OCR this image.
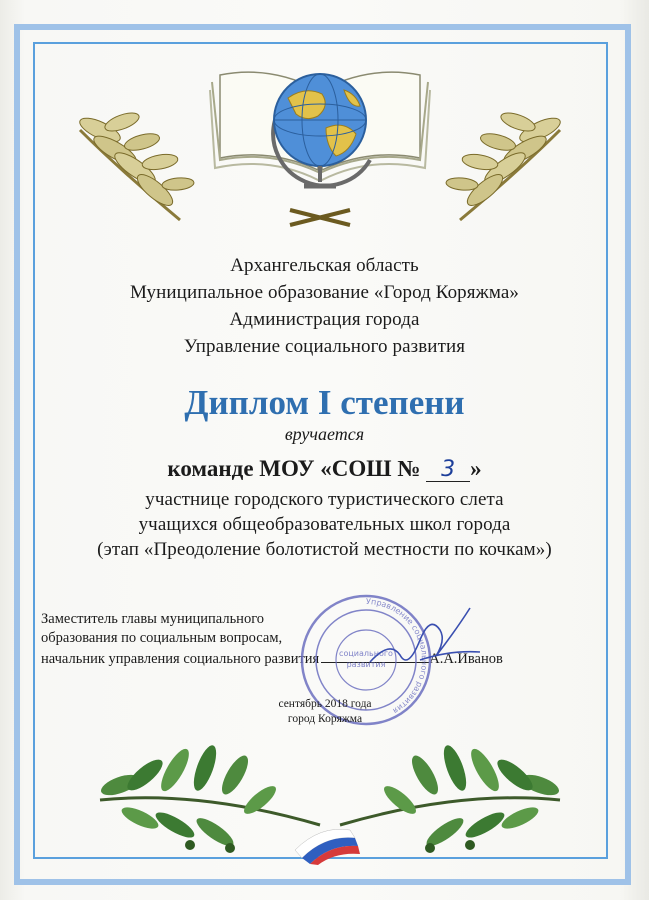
Архангельская область
Муниципальное образование «Город Коряжма»
Администрация города
Управление социального развития
Диплом I степени
вручается
команде МОУ «СОШ № 3 »
участнице городского туристического слета
учащихся общеобразовательных школ города
(этап «Преодоление болотистой местности по кочкам»)
Заместитель главы муниципального
образования по социальным вопросам,
начальник управления социального развития	А.А.Иванов
Управление социального развития
социального
развития
сентябрь 2018 года
город Коряжма
